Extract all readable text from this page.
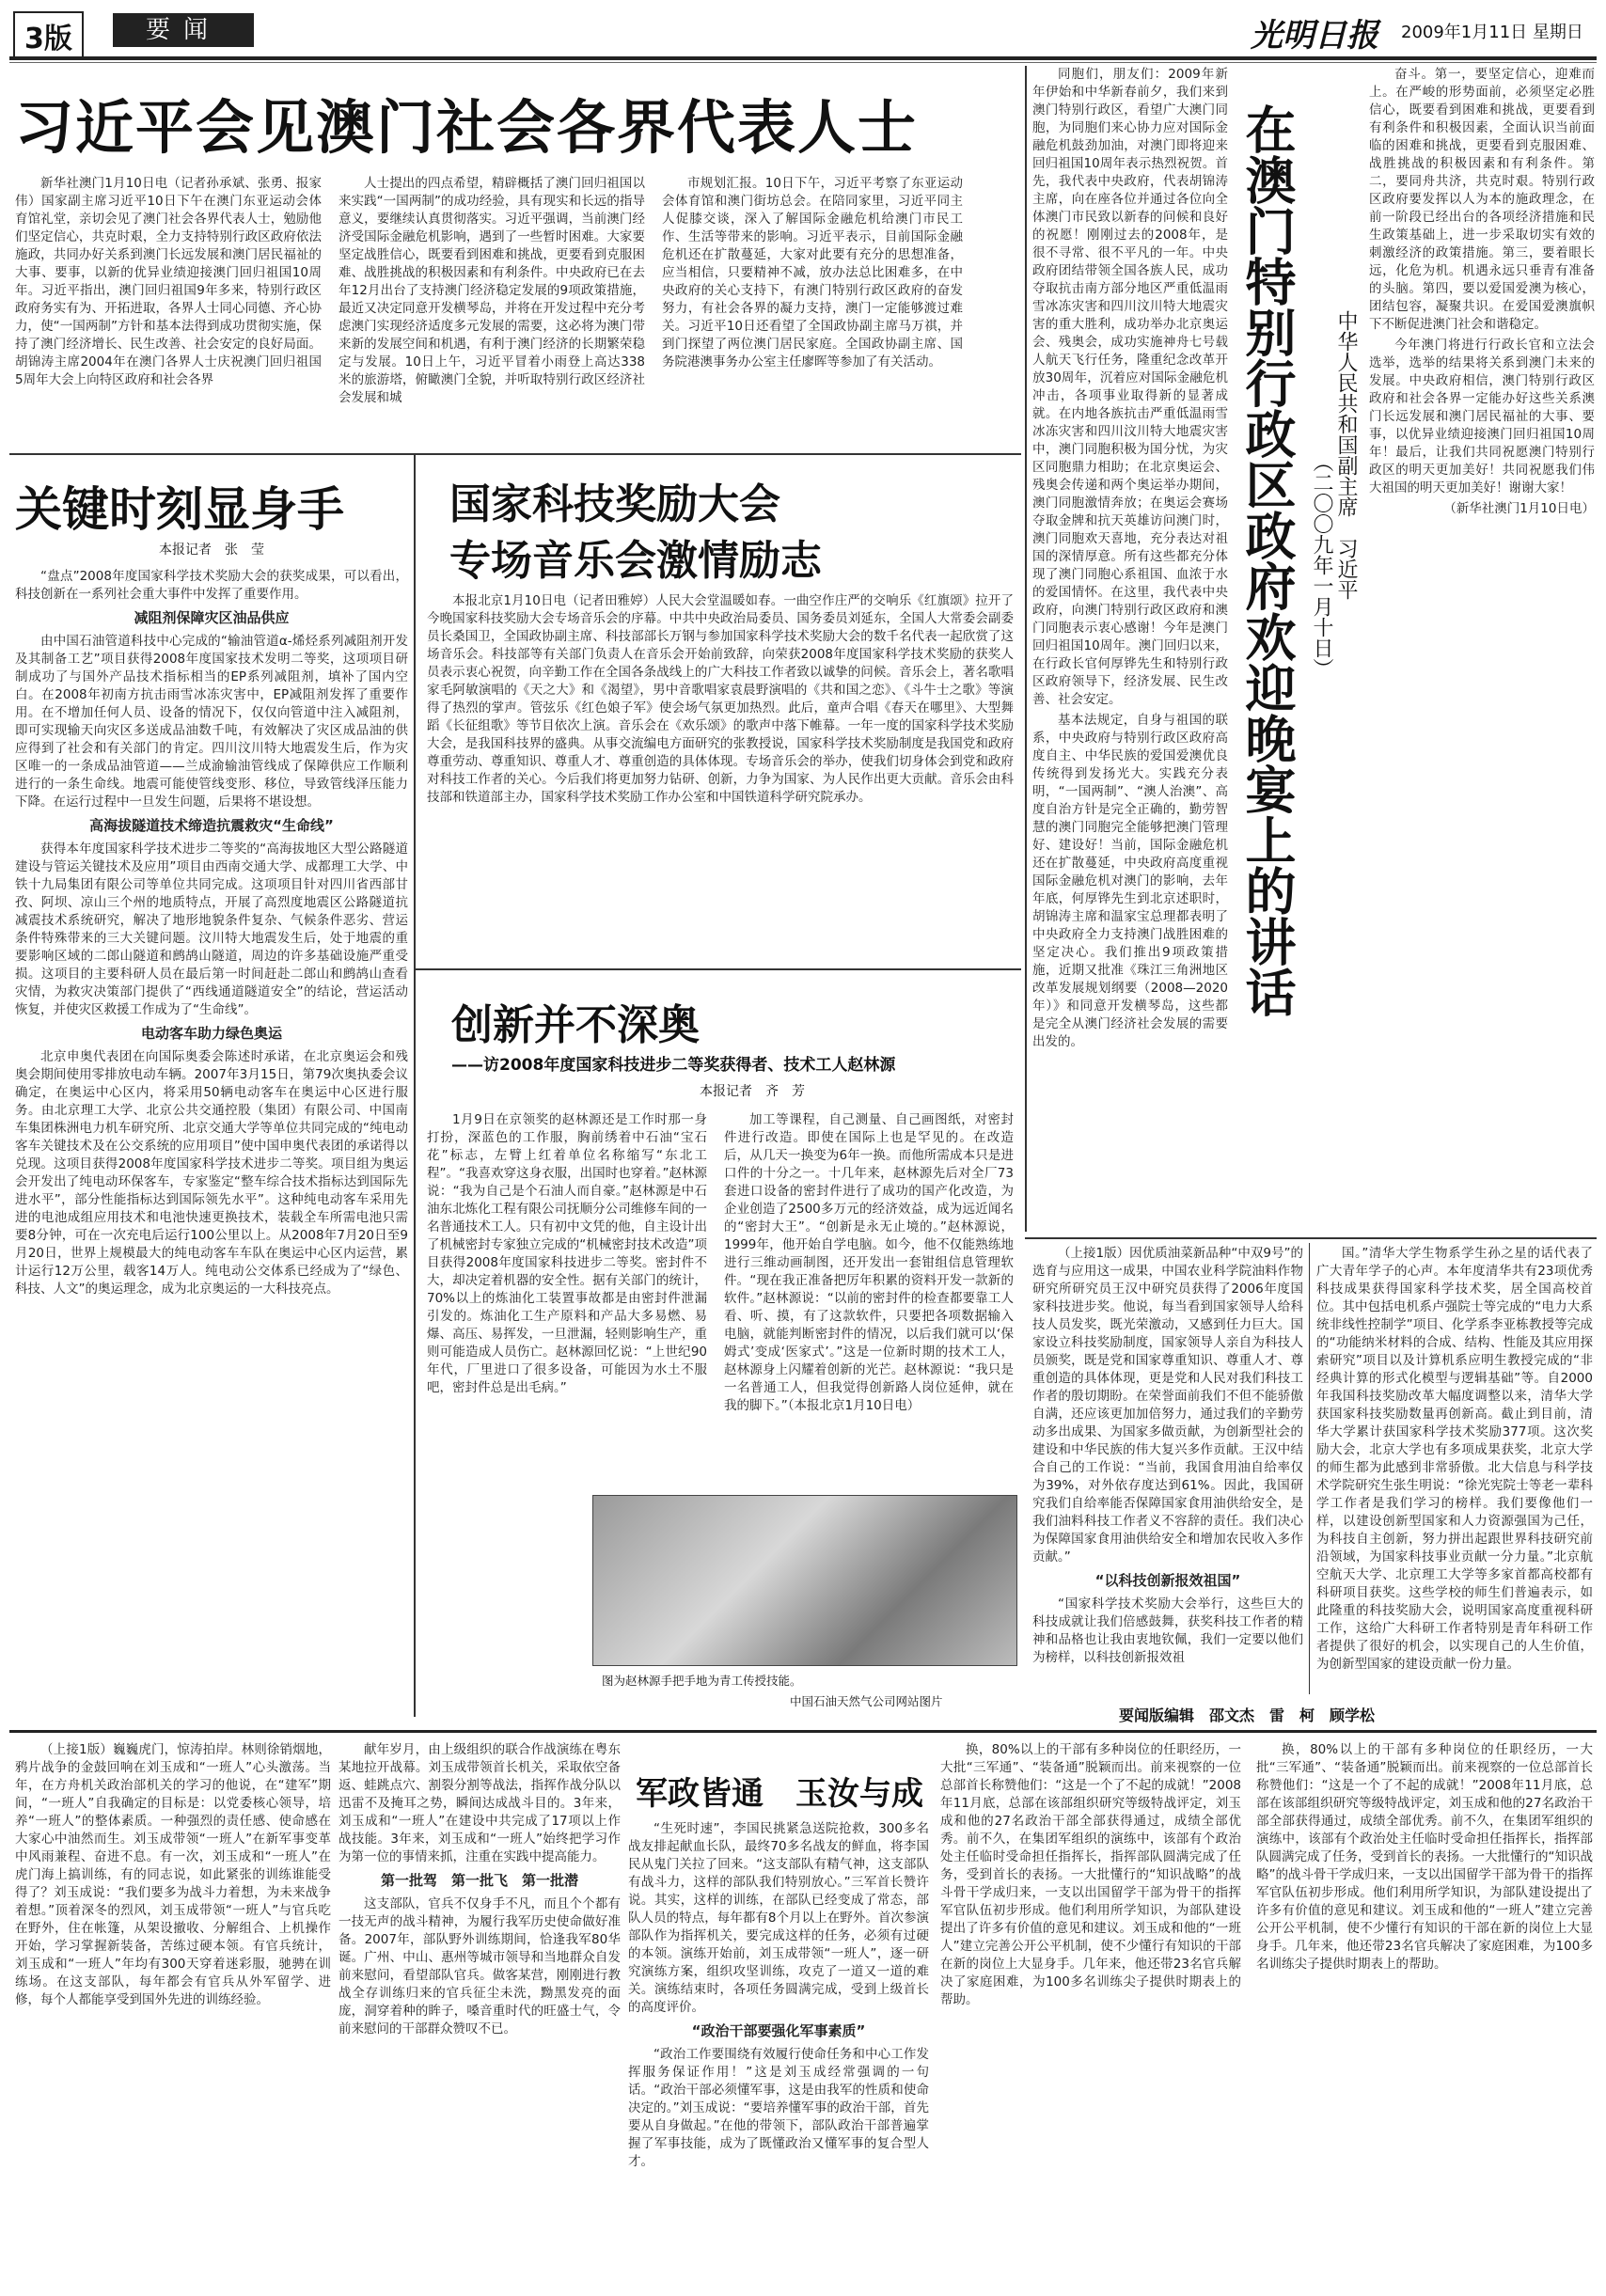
3版	要闻	光明日报 2009年1月11日 星期日
习近平会见澳门社会各界代表人士

新华社澳门1月10日电（记者孙承斌、张勇、报家伟）国家副主席习近平10日下午在澳门东亚运动会体育馆礼堂，亲切会见了澳门社会各界代表人士，勉励他们坚定信心，共克时艰，全力支持特别行政区政府依法施政，共同办好关系到澳门长远发展和澳门居民福祉的大事、要事，以新的优异业绩迎接澳门回归祖国10周年。习近平指出，澳门回归祖国9年多来，特别行政区政府务实有为、开拓进取，各界人士同心同德、齐心协力，使“一国两制”方针和基本法得到成功贯彻实施，保持了澳门经济增长、民生改善、社会安定的良好局面。胡锦涛主席2004年在澳门各界人士庆祝澳门回归祖国5周年大会上向特区政府和社会各界

人士提出的四点希望，精辟概括了澳门回归祖国以来实践“一国两制”的成功经验，具有现实和长远的指导意义，要继续认真贯彻落实。习近平强调，当前澳门经济受国际金融危机影响，遇到了一些暂时困难。大家要坚定战胜信心，既要看到困难和挑战，更要看到克服困难、战胜挑战的积极因素和有利条件。中央政府已在去年12月出台了支持澳门经济稳定发展的9项政策措施，最近又决定同意开发横琴岛，并将在开发过程中充分考虑澳门实现经济适度多元发展的需要，这必将为澳门带来新的发展空间和机遇，有利于澳门经济的长期繁荣稳定与发展。10日上午，习近平冒着小雨登上高达338米的旅游塔，俯瞰澳门全貌，并听取特别行政区经济社会发展和城

市规划汇报。10日下午，习近平考察了东亚运动会体育馆和澳门街坊总会。在陪同家里，习近平同主人促膝交谈，深入了解国际金融危机给澳门市民工作、生活等带来的影响。习近平表示，目前国际金融危机还在扩散蔓延，大家对此要有充分的思想准备，应当相信，只要精神不减，放办法总比困难多，在中央政府的关心支持下，有澳门特别行政区政府的奋发努力，有社会各界的凝力支持，澳门一定能够渡过难关。习近平10日还看望了全国政协副主席马万祺，并到门探望了两位澳门居民家庭。全国政协副主席、国务院港澳事务办公室主任廖晖等参加了有关活动。

同胞们，朋友们：2009年新年伊始和中华新春前夕，我们来到澳门特别行政区，看望广大澳门同胞，为同胞们来心协力应对国际金融危机鼓劲加油，对澳门即将迎来回归祖国10周年表示热烈祝贺。首先，我代表中央政府，代表胡锦涛主席，向在座各位并通过各位向全体澳门市民致以新春的问候和良好的祝愿！刚刚过去的2008年，是很不寻常、很不平凡的一年。中央政府团结带领全国各族人民，成功夺取抗击南方部分地区严重低温雨雪冰冻灾害和四川汶川特大地震灾害的重大胜利，成功举办北京奥运会、残奥会，成功实施神舟七号载人航天飞行任务，隆重纪念改革开放30周年，沉着应对国际金融危机冲击，各项事业取得新的显著成就。在内地各族抗击严重低温雨雪冰冻灾害和四川汶川特大地震灾害中，澳门同胞积极为国分忧，为灾区同胞鼎力相助；在北京奥运会、残奥会传递和两个奥运举办期间，澳门同胞激情奔放；在奥运会赛场夺取金牌和抗天英雄访问澳门时，澳门同胞欢天喜地，充分表达对祖国的深情厚意。所有这些都充分体现了澳门同胞心系祖国、血浓于水的爱国情怀。在这里，我代表中央政府，向澳门特别行政区政府和澳门同胞表示衷心感谢！今年是澳门回归祖国10周年。澳门回归以来，在行政长官何厚铧先生和特别行政区政府领导下，经济发展、民生改善、社会安定。

基本法规定，自身与祖国的联系，中央政府与特别行政区政府高度自主、中华民族的爱国爱澳优良传统得到发扬光大。实践充分表明，“一国两制”、“澳人治澳”、高度自治方针是完全正确的，勤劳智慧的澳门同胞完全能够把澳门管理好、建设好！当前，国际金融危机还在扩散蔓延，中央政府高度重视国际金融危机对澳门的影响，去年年底，何厚铧先生到北京述职时，胡锦涛主席和温家宝总理都表明了中央政府全力支持澳门战胜困难的坚定决心。我们推出9项政策措施，近期又批准《珠江三角洲地区改革发展规划纲要（2008—2020年）》和同意开发横琴岛，这些都是完全从澳门经济社会发展的需要出发的。

在澳门特别行政区政府欢迎晚宴上的讲话 （二〇〇九年一月十日） 中华人民共和国副主席　习近平

奋斗。第一，要坚定信心，迎难而上。在严峻的形势面前，必须坚定必胜信心，既要看到困难和挑战，更要看到有利条件和积极因素，全面认识当前面临的困难和挑战，更要看到克服困难、战胜挑战的积极因素和有利条件。第二，要同舟共济，共克时艰。特别行政区政府要发挥以人为本的施政理念，在前一阶段已经出台的各项经济措施和民生政策基础上，进一步采取切实有效的刺激经济的政策措施。第三，要着眼长远，化危为机。机遇永远只垂青有准备的头脑。第四，要以爱国爱澳为核心，团结包容，凝聚共识。在爱国爱澳旗帜下不断促进澳门社会和谐稳定。

今年澳门将进行行政长官和立法会选举，选举的结果将关系到澳门未来的发展。中央政府相信，澳门特别行政区政府和社会各界一定能办好这些关系澳门长远发展和澳门居民福祉的大事、要事，以优异业绩迎接澳门回归祖国10周年！最后，让我们共同祝愿澳门特别行政区的明天更加美好！共同祝愿我们伟大祖国的明天更加美好！谢谢大家！

（新华社澳门1月10日电）

关键时刻显身手
本报记者　张　莹

“盘点”2008年度国家科学技术奖励大会的获奖成果，可以看出，科技创新在一系列社会重大事件中发挥了重要作用。

减阻剂保障灾区油品供应

由中国石油管道科技中心完成的“输油管道α-烯烃系列减阻剂开发及其制备工艺”项目获得2008年度国家技术发明二等奖，这项项目研制成功了与国外产品技术指标相当的EP系列减阻剂，填补了国内空白。在2008年初南方抗击雨雪冰冻灾害中，EP减阻剂发挥了重要作用。在不增加任何人员、设备的情况下，仅仅向管道中注入减阻剂，即可实现输天向灾区多送成品油数千吨，有效解决了灾区成品油的供应得到了社会和有关部门的肯定。四川汶川特大地震发生后，作为灾区唯一的一条成品油管道——兰成渝输油管线成了保障供应工作顺利进行的一条生命线。地震可能使管线变形、移位，导致管线泽压能力下降。在运行过程中一旦发生问题，后果将不堪设想。

高海拔隧道技术缔造抗震救灾“生命线”

获得本年度国家科学技术进步二等奖的“高海拔地区大型公路隧道建设与管运关键技术及应用”项目由西南交通大学、成都理工大学、中铁十九局集团有限公司等单位共同完成。这项项目针对四川省西部甘孜、阿坝、凉山三个州的地质特点，开展了高烈度地震区公路隧道抗减震技术系统研究，解决了地形地貌条件复杂、气候条件恶劣、营运条件特殊带来的三大关键问题。汶川特大地震发生后，处于地震的重要影响区域的二郎山隧道和鹧鸪山隧道，周边的许多基础设施严重受损。这项目的主要科研人员在最后第一时间赶赴二郎山和鹧鸪山查看灾情，为救灾决策部门提供了“西线通道隧道安全”的结论，营运活动恢复，并使灾区救援工作成为了“生命线”。

电动客车助力绿色奥运

北京申奥代表团在向国际奥委会陈述时承诺，在北京奥运会和残奥会期间使用零排放电动车辆。2007年3月15日，第79次奥执委会议确定，在奥运中心区内，将采用50辆电动客车在奥运中心区进行服务。由北京理工大学、北京公共交通控股（集团）有限公司、中国南车集团株洲电力机车研究所、北京交通大学等单位共同完成的“纯电动客车关键技术及在公交系统的应用项目”使中国申奥代表团的承诺得以兑现。这项目获得2008年度国家科学技术进步二等奖。项目组为奥运会开发出了纯电动环保客车，专家鉴定“整车综合技术指标达到国际先进水平”，部分性能指标达到国际领先水平”。这种纯电动客车采用先进的电池成组应用技术和电池快速更换技术，装载全车所需电池只需要8分钟，可在一次充电后运行100公里以上。从2008年7月20日至9月20日，世界上规模最大的纯电动客车车队在奥运中心区内运营，累计运行12万公里，载客14万人。纯电动公交体系已经成为了“绿色、科技、人文”的奥运理念，成为北京奥运的一大科技亮点。

国家科技奖励大会
专场音乐会激情励志

本报北京1月10日电（记者田雅婷）人民大会堂温暖如春。一曲空作庄严的交响乐《红旗颂》拉开了今晚国家科技奖励大会专场音乐会的序幕。中共中央政治局委员、国务委员刘延东，全国人大常委会副委员长桑国卫，全国政协副主席、科技部部长万钢与参加国家科学技术奖励大会的数千名代表一起欣赏了这场音乐会。科技部等有关部门负责人在音乐会开始前致辞，向荣获2008年度国家科学技术奖励的获奖人员表示衷心祝贺，向辛勤工作在全国各条战线上的广大科技工作者致以诚挚的问候。音乐会上，著名歌唱家毛阿敏演唱的《天之大》和《渴望》，男中音歌唱家袁晨野演唱的《共和国之恋》、《斗牛士之歌》等演得了热烈的掌声。管弦乐《红色娘子军》使会场气氛更加热烈。此后，童声合唱《春天在哪里》、大型舞蹈《长征组歌》等节目依次上演。音乐会在《欢乐颂》的歌声中落下帷幕。一年一度的国家科学技术奖励大会，是我国科技界的盛典。从事交流编电方面研究的张教授说，国家科学技术奖励制度是我国党和政府尊重劳动、尊重知识、尊重人才、尊重创造的具体体现。专场音乐会的举办，使我们切身体会到党和政府对科技工作者的关心。今后我们将更加努力钻研、创新，力争为国家、为人民作出更大贡献。音乐会由科技部和铁道部主办，国家科学技术奖励工作办公室和中国铁道科学研究院承办。

创新并不深奥
——访2008年度国家科技进步二等奖获得者、技术工人赵林源
本报记者　齐　芳

1月9日在京领奖的赵林源还是工作时那一身打扮，深蓝色的工作服，胸前绣着中石油“宝石花”标志，左臂上红着单位名称缩写“东北工程”。“我喜欢穿这身衣服，出国时也穿着。”赵林源说：“我为自己是个石油人而自豪。”赵林源是中石油东北炼化工程有限公司抚顺分公司维修车间的一名普通技术工人。只有初中文凭的他，自主设计出了机械密封专家独立完成的“机械密封技术改造”项目获得2008年度国家科技进步二等奖。密封件不大，却决定着机器的安全性。据有关部门的统计，70%以上的炼油化工装置事故都是由密封件泄漏引发的。炼油化工生产原料和产品大多易燃、易爆、高压、易挥发，一旦泄漏，轻则影响生产，重则可能造成人员伤亡。赵林源回忆说：“上世纪90年代，厂里进口了很多设备，可能因为水土不服吧，密封件总是出毛病。”

加工等课程，自己测量、自己画图纸，对密封件进行改造。即使在国际上也是罕见的。在改造后，从几天一换变为6年一换。而他所需成本只是进口件的十分之一。十几年来，赵林源先后对全厂73套进口设备的密封件进行了成功的国产化改造，为企业创造了2500多万元的经济效益，成为远近闻名的“密封大王”。“创新是永无止境的。”赵林源说，1999年，他开始自学电脑。如今，他不仅能熟练地进行三维动画制图，还开发出一套钳组信息管理软件。“现在我正准备把厉年积累的资料开发一款新的软件。”赵林源说：“以前的密封件的检查都要靠工人看、听、摸，有了这款软件，只要把各项数据输入电脑，就能判断密封件的情况，以后我们就可以‘保姆式’变成‘医家式’。”这是一位新时期的技术工人，赵林源身上闪耀着创新的光芒。赵林源说：“我只是一名普通工人，但我觉得创新路人岗位延伸，就在我的脚下。”（本报北京1月10日电）

图为赵林源手把手地为青工传授技能。
中国石油天然气公司网站图片

（上接1版）因优质油菜新品种“中双9号”的选育与应用这一成果，中国农业科学院油料作物研究所研究员王汉中研究员获得了2006年度国家科技进步奖。他说，每当看到国家领导人给科技人员发奖，既光荣激动，又感到任力巨大。国家设立科技奖励制度，国家领导人亲自为科技人员颁奖，既是党和国家尊重知识、尊重人才、尊重创造的具体体现，更是党和人民对我们科技工作者的殷切期盼。在荣誉面前我们不但不能骄傲自满，还应该更加加倍努力，通过我们的辛勤劳动多出成果、为国家多做贡献，为创新型社会的建设和中华民族的伟大复兴多作贡献。王汉中结合自己的工作说：“当前，我国食用油自给率仅为39%，对外依存度达到61%。因此，我国研究我们自给率能否保障国家食用油供给安全，是我们油料科技工作者义不容辞的责任。我们决心为保障国家食用油供给安全和增加农民收入多作贡献。”

“以科技创新报效祖国”

“国家科学技术奖励大会举行，这些巨大的科技成就让我们倍感鼓舞，获奖科技工作者的精神和品格也让我由衷地钦佩，我们一定要以他们为榜样，以科技创新报效祖

国。”清华大学生物系学生孙之星的话代表了广大青年学子的心声。本年度清华共有23项优秀科技成果获得国家科学技术奖，居全国高校首位。其中包括电机系卢强院士等完成的“电力大系统非线性控制学”项目、化学系李亚栋教授等完成的“功能纳米材料的合成、结构、性能及其应用探索研究”项目以及计算机系应明生教授完成的“非经典计算的形式化模型与逻辑基础”等。自2000年我国科技奖励改革大幅度调整以来，清华大学获国家科技奖励数量再创新高。截止到目前，清华大学累计获国家科学技术奖励377项。这次奖励大会，北京大学也有多项成果获奖，北京大学的师生都为此感到非常骄傲。北大信息与科学技术学院研究生张生明说：“徐光宪院士等老一辈科学工作者是我们学习的榜样。我们要像他们一样，以建设创新型国家和人力资源强国为己任，为科技自主创新，努力拼出起跟世界科技研究前沿领域，为国家科技事业贡献一分力量。”北京航空航天大学、北京理工大学等多家首都高校都有科研项目获奖。这些学校的师生们普遍表示，如此隆重的科技奖励大会，说明国家高度重视科研工作，这给广大科研工作者特别是青年科研工作者提供了很好的机会，以实现自己的人生价值，为创新型国家的建设贡献一份力量。

要闻版编辑　邵文杰　雷　柯　顾学松

（上接1版）巍巍虎门，惊涛拍岸。林则徐销烟地，鸦片战争的金鼓回响在刘玉成和“一班人”心头激荡。当年，在方舟机关政治部机关的学习的他说，在“建军”期间，“一班人”自我确定的目标是：以党委核心领导，培养“一班人”的整体素质。一种强烈的责任感、使命感在大家心中油然而生。刘玉成带领“一班人”在新军事变革中风雨兼程、奋进不息。有一次，刘玉成和“一班人”在虎门海上搞训练，有的同志说，如此紧张的训练谁能受得了？刘玉成说：“我们要多为战斗力着想，为未来战争着想。”顶着深冬的烈风，刘玉成带领“一班人”与官兵吃在野外，住在帐篷，从架设撤收、分解组合、上机操作开始，学习掌握新装备，苦练过硬本领。有官兵统计，刘玉成和“一班人”年均有300天穿着迷彩服，驰骋在训练场。在这支部队，每年都会有官兵从外军留学、进修，每个人都能享受到国外先进的训练经验。

献年岁月，由上级组织的联合作战演练在粤东某地拉开战幕。刘玉成带领首长机关，采取依空备返、蛙跳点穴、割裂分割等战法，指挥作战分队以迅雷不及掩耳之势，瞬间达成战斗目的。3年来，刘玉成和“一班人”在建设中共完成了17项以上作战技能。3年来，刘玉成和“一班人”始终把学习作为第一位的事情来抓，注重在实践中提高能力。

第一批驾　第一批飞　第一批潜

这支部队，官兵不仅身手不凡，而且个个都有一技无声的战斗精神，为履行我军历史使命做好准备。2007年，部队野外训练期间，恰逢我军80华诞。广州、中山、惠州等城市领导和当地群众自发前来慰问，看望部队官兵。做客某营，刚刚进行教战全存训练归来的官兵征尘未洗，黝黑发亮的面庞，洞穿着种的眸子，嗓音重时代的旺盛士气，令前来慰问的干部群众赞叹不已。

军政皆通　玉汝与成

“生死时速”，李国民挑紧急送院抢救，300多名战友排起献血长队，最终70多名战友的鲜血，将李国民从鬼门关拉了回来。“这支部队有精气神，这支部队有战斗力，这样的部队我们特别放心。”三军首长赞许说。其实，这样的训练，在部队已经变成了常态，部队人员的特点，每年都有8个月以上在野外。首次参演部队作为指挥机关，要完成这样的任务，必须有过硬的本领。演练开始前，刘玉成带领“一班人”，逐一研究演练方案，组织攻坚训练，攻克了一道又一道的难关。演练结束时，各项任务圆满完成，受到上级首长的高度评价。

“政治干部要强化军事素质”

“政治工作要围绕有效履行使命任务和中心工作发挥服务保证作用！”这是刘玉成经常强调的一句话。“政治干部必须懂军事，这是由我军的性质和使命决定的。”刘玉成说：“要培养懂军事的政治干部，首先要从自身做起。”在他的带领下，部队政治干部普遍掌握了军事技能，成为了既懂政治又懂军事的复合型人才。

换，80%以上的干部有多种岗位的任职经历，一大批“三军通”、“装备通”脱颖而出。前来视察的一位总部首长称赞他们：“这是一个了不起的成就！”2008年11月底，总部在该部组织研究等级特战评定，刘玉成和他的27名政治干部全部获得通过，成绩全部优秀。前不久，在集团军组织的演练中，该部有个政治处主任临时受命担任指挥长，指挥部队圆满完成了任务，受到首长的表扬。一大批懂行的“知识战略”的战斗骨干学成归来，一支以出国留学干部为骨干的指挥军官队伍初步形成。他们利用所学知识，为部队建设提出了许多有价值的意见和建议。刘玉成和他的“一班人”建立完善公开公平机制，使不少懂行有知识的干部在新的岗位上大显身手。几年来，他还带23名官兵解决了家庭困难，为100多名训练尖子提供时期表上的帮助。

换，80%以上的干部有多种岗位的任职经历，一大批“三军通”、“装备通”脱颖而出。前来视察的一位总部首长称赞他们：“这是一个了不起的成就！”2008年11月底，总部在该部组织研究等级特战评定，刘玉成和他的27名政治干部全部获得通过，成绩全部优秀。前不久，在集团军组织的演练中，该部有个政治处主任临时受命担任指挥长，指挥部队圆满完成了任务，受到首长的表扬。一大批懂行的“知识战略”的战斗骨干学成归来，一支以出国留学干部为骨干的指挥军官队伍初步形成。他们利用所学知识，为部队建设提出了许多有价值的意见和建议。刘玉成和他的“一班人”建立完善公开公平机制，使不少懂行有知识的干部在新的岗位上大显身手。几年来，他还带23名官兵解决了家庭困难，为100多名训练尖子提供时期表上的帮助。
